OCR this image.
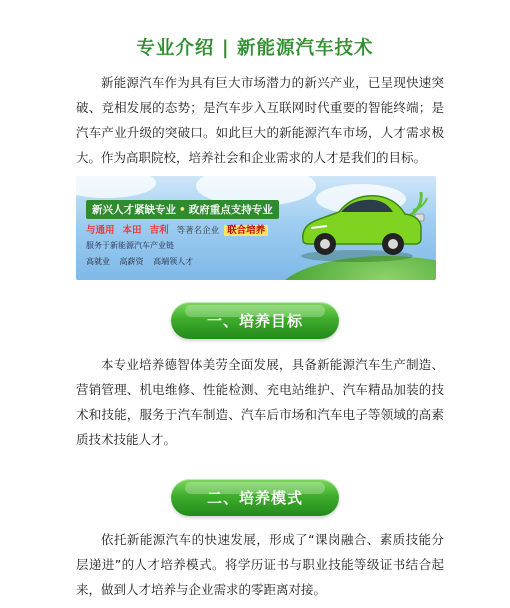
专业介绍 | 新能源汽车技术

新能源汽车作为具有巨大市场潜力的新兴产业，已呈现快速突破、竞相发展的态势；是汽车步入互联网时代重要的智能终端；是汽车产业升级的突破口。如此巨大的新能源汽车市场，人才需求极大。作为高职院校，培养社会和企业需求的人才是我们的目标。

新兴人才紧缺专业 • 政府重点支持专业
与通用 本田 吉利 等著名企业 联合培养
服务于新能源汽车产业链
高就业 高薪资 高端领人才
一、培养目标

本专业培养德智体美劳全面发展，具备新能源汽车生产制造、营销管理、机电维修、性能检测、充电站维护、汽车精品加装的技术和技能，服务于汽车制造、汽车后市场和汽车电子等领域的高素质技术技能人才。

二、培养模式

依托新能源汽车的快速发展，形成了“课岗融合、素质技能分层递进”的人才培养模式。将学历证书与职业技能等级证书结合起来，做到人才培养与企业需求的零距离对接。
